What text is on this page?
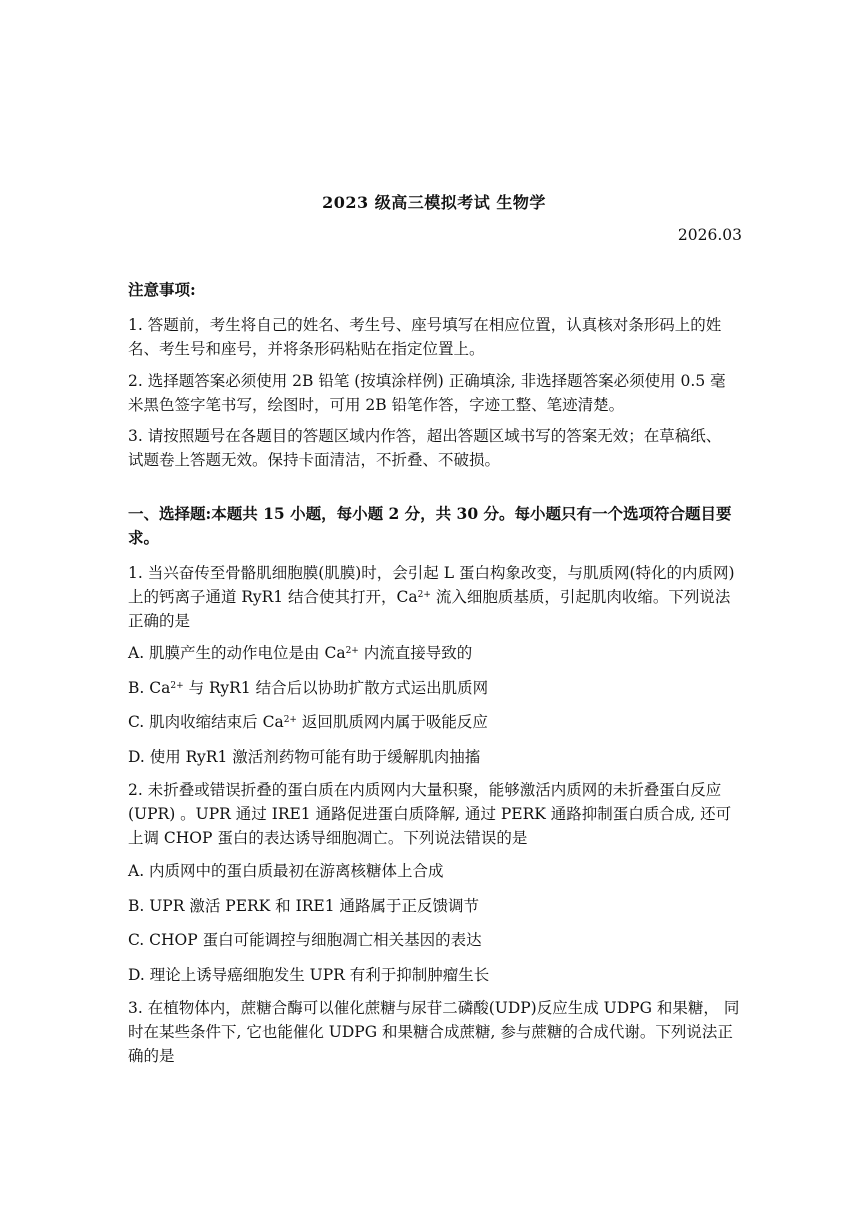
2023 级高三模拟考试 生物学
2026.03
注意事项:
1. 答题前，考生将自己的姓名、考生号、座号填写在相应位置，认真核对条形码上的姓名、考生号和座号，并将条形码粘贴在指定位置上。
2. 选择题答案必须使用 2B 铅笔 (按填涂样例) 正确填涂, 非选择题答案必须使用 0.5 毫米黑色签字笔书写，绘图时，可用 2B 铅笔作答，字迹工整、笔迹清楚。
3. 请按照题号在各题目的答题区域内作答，超出答题区域书写的答案无效；在草稿纸、 试题卷上答题无效。保持卡面清洁，不折叠、不破损。
一、选择题:本题共 15 小题，每小题 2 分，共 30 分。每小题只有一个选项符合题目要求。
1. 当兴奋传至骨骼肌细胞膜(肌膜)时，会引起 L 蛋白构象改变，与肌质网(特化的内质网)上的钙离子通道 RyR1 结合使其打开，$Ca^{2+}$ 流入细胞质基质，引起肌肉收缩。下列说法正确的是
A. 肌膜产生的动作电位是由 $Ca^{2+}$ 内流直接导致的
B. $Ca^{2+}$ 与 RyR1 结合后以协助扩散方式运出肌质网
C. 肌肉收缩结束后 $Ca^{2+}$ 返回肌质网内属于吸能反应
D. 使用 RyR1 激活剂药物可能有助于缓解肌肉抽搐
2. 未折叠或错误折叠的蛋白质在内质网内大量积聚，能够激活内质网的未折叠蛋白反应 (UPR) 。UPR 通过 IRE1 通路促进蛋白质降解, 通过 PERK 通路抑制蛋白质合成, 还可上调 CHOP 蛋白的表达诱导细胞凋亡。下列说法错误的是
A. 内质网中的蛋白质最初在游离核糖体上合成
B. UPR 激活 PERK 和 IRE1 通路属于正反馈调节
C. CHOP 蛋白可能调控与细胞凋亡相关基因的表达
D. 理论上诱导癌细胞发生 UPR 有利于抑制肿瘤生长
3. 在植物体内，蔗糖合酶可以催化蔗糖与尿苷二磷酸(UDP)反应生成 UDPG 和果糖， 同时在某些条件下, 它也能催化 UDPG 和果糖合成蔗糖, 参与蔗糖的合成代谢。下列说法正确的是
